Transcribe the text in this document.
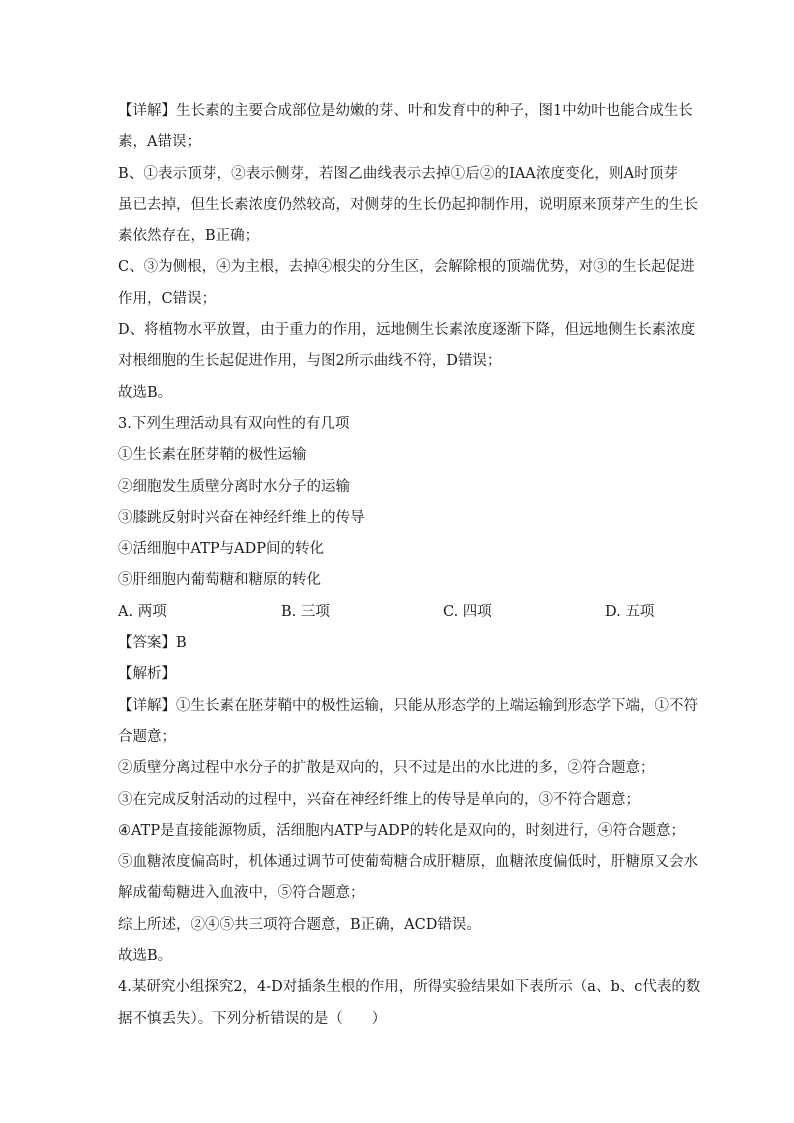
【详解】生长素的主要合成部位是幼嫩的芽、叶和发育中的种子，图1中幼叶也能合成生长
素，A错误；
B、①表示顶芽，②表示侧芽，若图乙曲线表示去掉①后②的IAA浓度变化，则A时顶芽
虽已去掉，但生长素浓度仍然较高，对侧芽的生长仍起抑制作用，说明原来顶芽产生的生长
素依然存在，B正确；
C、③为侧根，④为主根，去掉④根尖的分生区，会解除根的顶端优势，对③的生长起促进
作用，C错误；
D、将植物水平放置，由于重力的作用，远地侧生长素浓度逐渐下降，但远地侧生长素浓度
对根细胞的生长起促进作用，与图2所示曲线不符，D错误；
故选B。
3.下列生理活动具有双向性的有几项
①生长素在胚芽鞘的极性运输
②细胞发生质壁分离时水分子的运输
③膝跳反射时兴奋在神经纤维上的传导
④活细胞中ATP与ADP间的转化
⑤肝细胞内葡萄糖和糖原的转化
A. 两项	B. 三项	C. 四项	D. 五项
【答案】B
【解析】
【详解】①生长素在胚芽鞘中的极性运输，只能从形态学的上端运输到形态学下端，①不符
合题意；
②质壁分离过程中水分子的扩散是双向的，只不过是出的水比进的多，②符合题意；
③在完成反射活动的过程中，兴奋在神经纤维上的传导是单向的，③不符合题意；
④ATP是直接能源物质，活细胞内ATP与ADP的转化是双向的，时刻进行，④符合题意；
⑤血糖浓度偏高时，机体通过调节可使葡萄糖合成肝糖原，血糖浓度偏低时，肝糖原又会水
解成葡萄糖进入血液中，⑤符合题意；
综上所述，②④⑤共三项符合题意，B正确，ACD错误。
故选B。
4.某研究小组探究2，4-D对插条生根的作用，所得实验结果如下表所示（a、b、c代表的数
据不慎丢失）。下列分析错误的是（　　）
